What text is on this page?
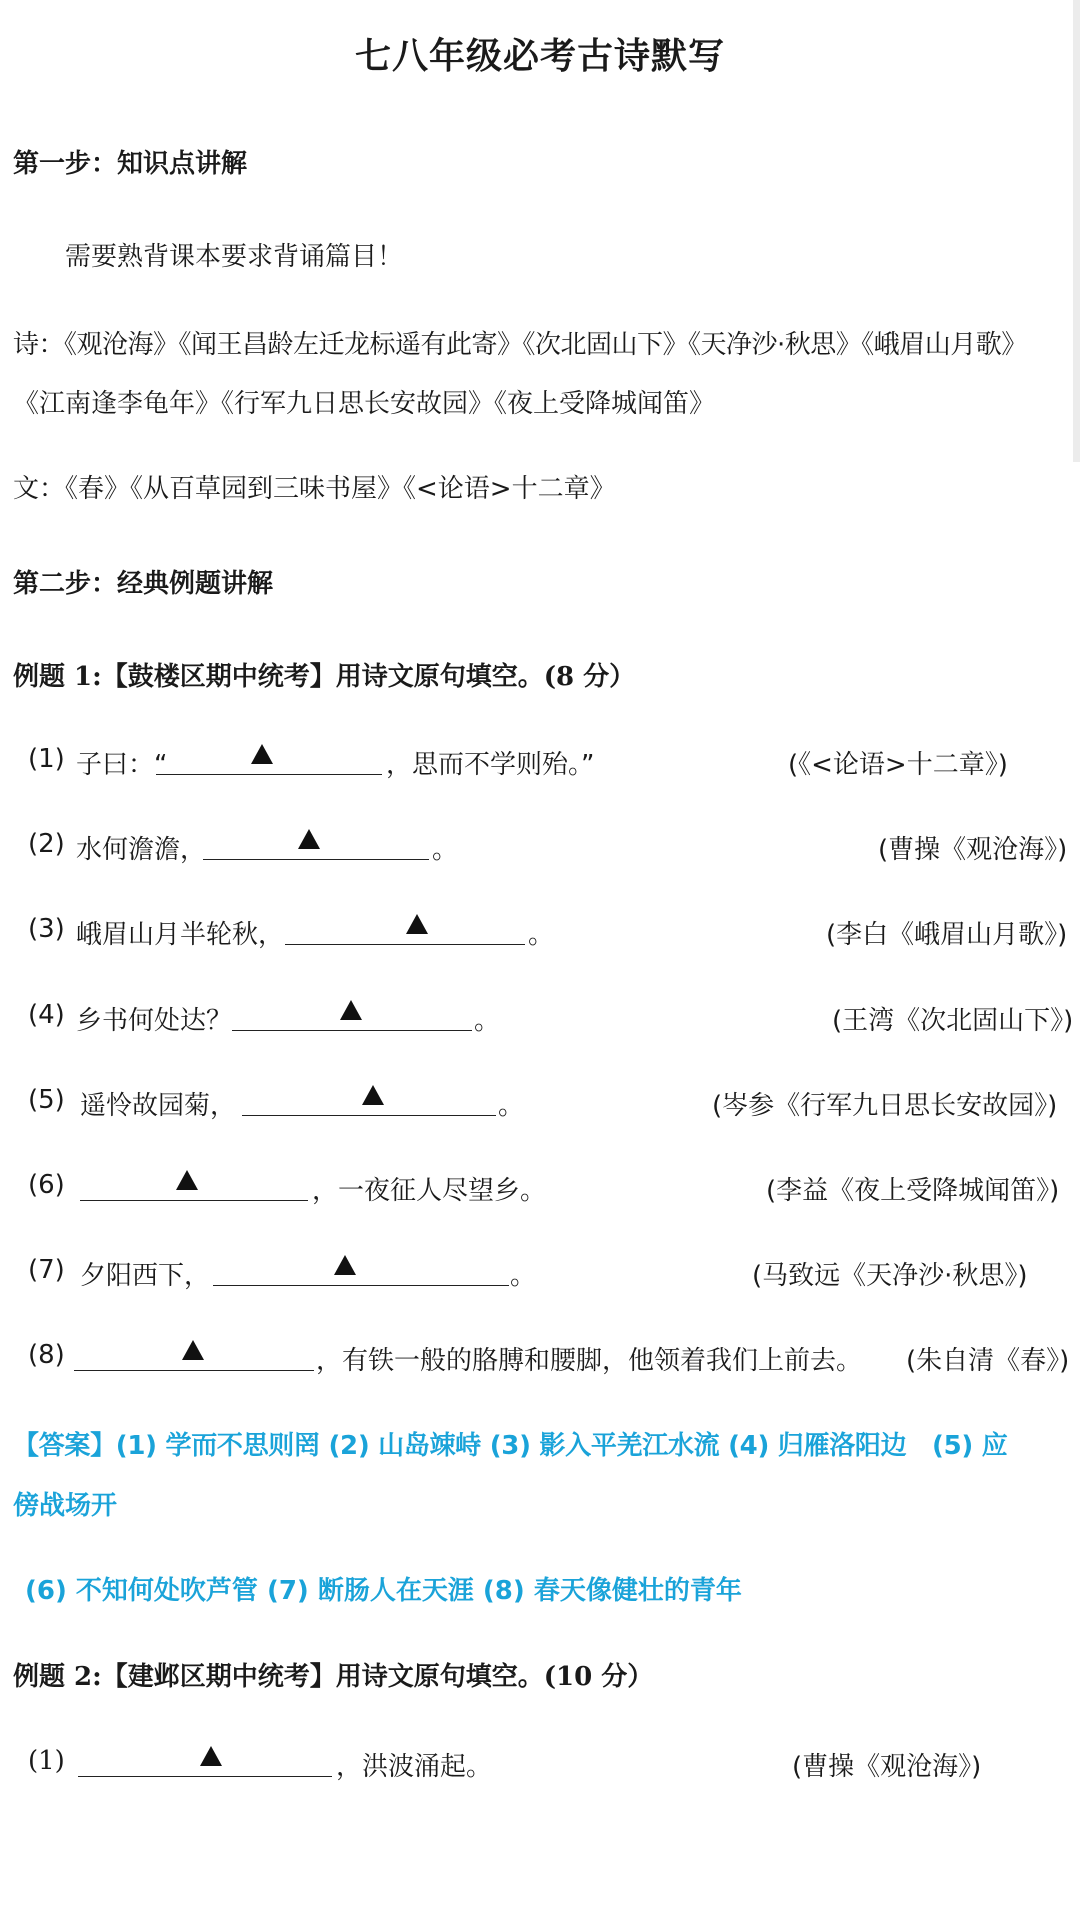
七八年级必考古诗默写
第一步：知识点讲解
需要熟背课本要求背诵篇目！
诗：《观沧海》《闻王昌龄左迁龙标遥有此寄》《次北固山下》《天净沙·秋思》《峨眉山月歌》
《江南逢李龟年》《行军九日思长安故园》《夜上受降城闻笛》
文：《春》《从百草园到三味书屋》《<论语>十二章》
第二步：经典例题讲解
例题 1:【鼓楼区期中统考】用诗文原句填空。(8 分）
(1) 子曰：“	，思而不学则殆。”	(《<论语>十二章》)
(2) 水何澹澹，	。	(曹操《观沧海》)
(3) 峨眉山月半轮秋，	。	(李白《峨眉山月歌》)
(4) 乡书何处达？	。	(王湾《次北固山下》)
(5) 遥怜故园菊，	。	(岑参《行军九日思长安故园》)
(6)	，一夜征人尽望乡。	(李益《夜上受降城闻笛》)
(7) 夕阳西下，	。	(马致远《天净沙·秋思》)
(8)	，有铁一般的胳膊和腰脚，他领着我们上前去。 (朱自清《春》)
【答案】(1) 学而不思则罔 (2) 山岛竦峙 (3) 影入平羌江水流 (4) 归雁洛阳边　(5) 应
傍战场开
(6) 不知何处吹芦管 (7) 断肠人在天涯 (8) 春天像健壮的青年
例题 2:【建邺区期中统考】用诗文原句填空。(10 分）
(1)	，洪波涌起。	(曹操《观沧海》)
